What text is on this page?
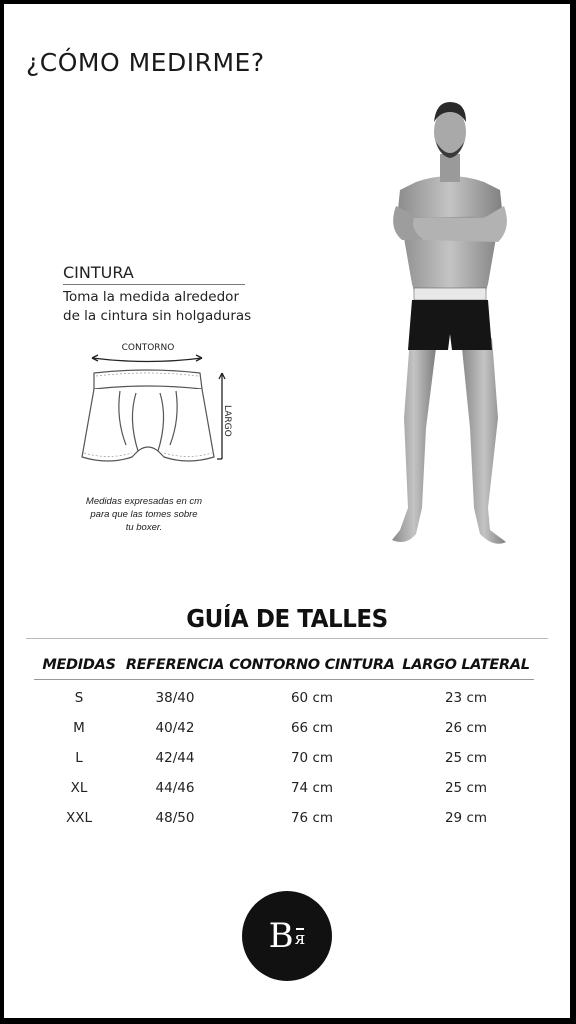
¿CÓMO MEDIRME?
CINTURA
Toma la medida alrededor
de la cintura sin holgaduras
CONTORNO
LARGO
Medidas expresadas en cm
para que las tomes sobre
tu boxer.
GUÍA DE TALLES
MEDIDAS	REFERENCIA	CONTORNO CINTURA	LARGO LATERAL
S	38/40	60 cm	23 cm
M	40/42	66 cm	26 cm
L	42/44	70 cm	25 cm
XL	44/46	74 cm	25 cm
XXL	48/50	76 cm	29 cm
B я
